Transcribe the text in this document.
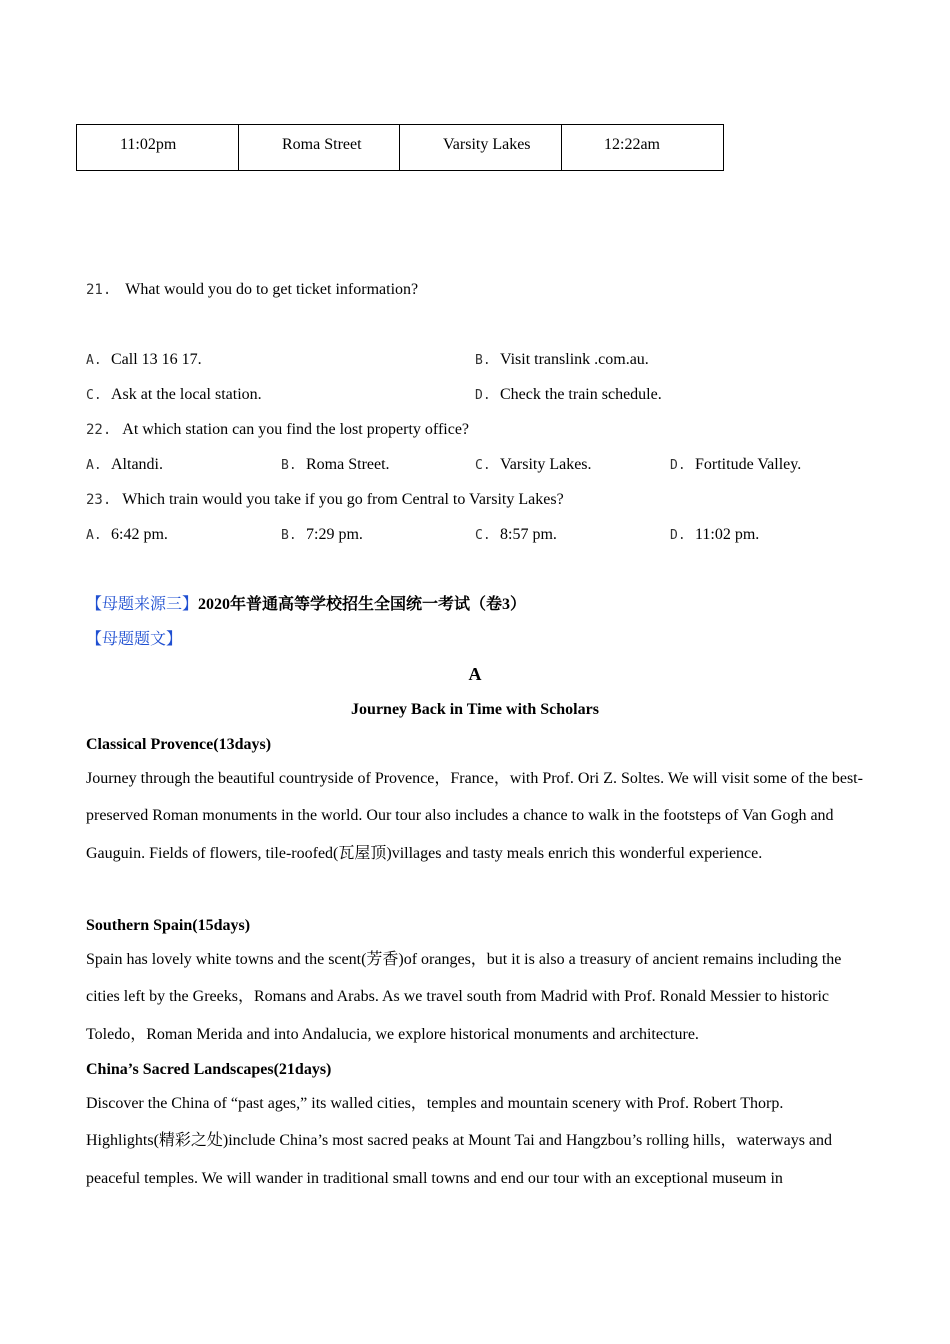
11:02pm	Roma Street	Varsity Lakes	12:22am
21. What would you do to get ticket information?
A. Call 13 16 17.	B. Visit translink .com.au.
C. Ask at the local station.	D. Check the train schedule.
22. At which station can you find the lost property office?
A. Altandi.	B. Roma Street.	C. Varsity Lakes.	D. Fortitude Valley.
23. Which train would you take if you go from Central to Varsity Lakes?
A. 6:42 pm.	B. 7:29 pm.	C. 8:57 pm.	D. 11:02 pm.
【母题来源三】2020年普通高等学校招生全国统一考试（卷3）
【母题题文】
A
Journey Back in Time with Scholars
Classical Provence(13days)
Journey through the beautiful countryside of Provence，France，with Prof. Ori Z. Soltes. We will visit some of the best-preserved Roman monuments in the world. Our tour also includes a chance to walk in the footsteps of Van Gogh and Gauguin. Fields of flowers, tile-roofed(瓦屋顶)villages and tasty meals enrich this wonderful experience.
Southern Spain(15days)
Spain has lovely white towns and the scent(芳香)of oranges，but it is also a treasury of ancient remains including the cities left by the Greeks，Romans and Arabs. As we travel south from Madrid with Prof. Ronald Messier to historic Toledo，Roman Merida and into Andalucia, we explore historical monuments and architecture.
China’s Sacred Landscapes(21days)
Discover the China of “past ages,” its walled cities，temples and mountain scenery with Prof. Robert Thorp. Highlights(精彩之处)include China’s most sacred peaks at Mount Tai and Hangzbou’s rolling hills，waterways and peaceful temples. We will wander in traditional small towns and end our tour with an exceptional museum in
